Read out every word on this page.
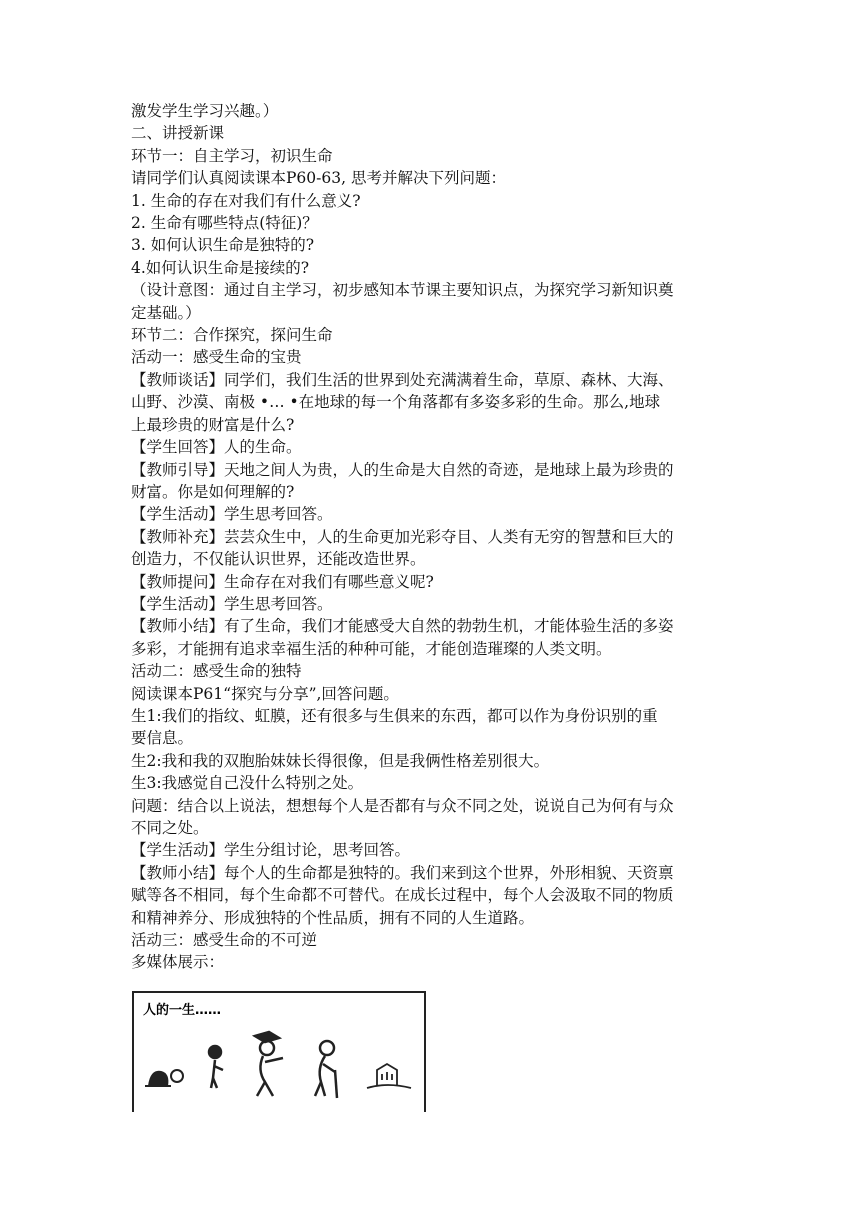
激发学生学习兴趣。）
二、讲授新课
环节一：自主学习，初识生命
请同学们认真阅读课本P60-63, 思考并解决下列问题：
1. 生命的存在对我们有什么意义?
2. 生命有哪些特点(特征)？
3. 如何认识生命是独特的?
4.如何认识生命是接续的?
（设计意图：通过自主学习，初步感知本节课主要知识点，为探究学习新知识奠
定基础。）
环节二：合作探究，探问生命
活动一：感受生命的宝贵
【教师谈话】同学们，我们生活的世界到处充满满着生命，草原、森林、大海、
山野、沙漠、南极 •… •在地球的每一个角落都有多姿多彩的生命。那么,地球
上最珍贵的财富是什么?
【学生回答】人的生命。
【教师引导】天地之间人为贵，人的生命是大自然的奇迹，是地球上最为珍贵的
财富。你是如何理解的?
【学生活动】学生思考回答。
【教师补充】芸芸众生中，人的生命更加光彩夺目、人类有无穷的智慧和巨大的
创造力，不仅能认识世界，还能改造世界。
【教师提问】生命存在对我们有哪些意义呢?
【学生活动】学生思考回答。
【教师小结】有了生命，我们才能感受大自然的勃勃生机，才能体验生活的多姿
多彩，才能拥有追求幸福生活的种种可能，才能创造璀璨的人类文明。
活动二：感受生命的独特
阅读课本P61“探究与分享”,回答问题。
生1:我们的指纹、虹膜，还有很多与生俱来的东西，都可以作为身份识别的重
要信息。
生2:我和我的双胞胎妹妹长得很像，但是我俩性格差别很大。
生3:我感觉自己没什么特别之处。
问题：结合以上说法，想想每个人是否都有与众不同之处，说说自己为何有与众
不同之处。
【学生活动】学生分组讨论，思考回答。
【教师小结】每个人的生命都是独特的。我们来到这个世界，外形相貌、天资禀
赋等各不相同，每个生命都不可替代。在成长过程中，每个人会汲取不同的物质
和精神养分、形成独特的个性品质，拥有不同的人生道路。
活动三：感受生命的不可逆
多媒体展示：
人的一生……
